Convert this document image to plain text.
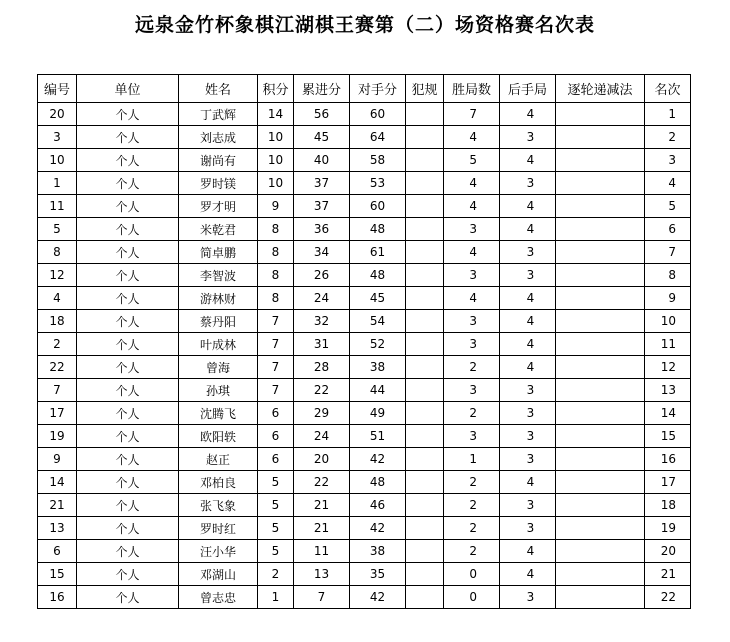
远泉金竹杯象棋江湖棋王赛第（二）场资格赛名次表
编号	单位	姓名	积分	累进分	对手分	犯规	胜局数	后手局	逐轮递减法	名次
20	个人	丁武辉	14	56	60		7	4		1
3	个人	刘志成	10	45	64		4	3		2
10	个人	谢尚有	10	40	58		5	4		3
1	个人	罗时镁	10	37	53		4	3		4
11	个人	罗才明	9	37	60		4	4		5
5	个人	米乾君	8	36	48		3	4		6
8	个人	简卓鹏	8	34	61		4	3		7
12	个人	李智波	8	26	48		3	3		8
4	个人	游林财	8	24	45		4	4		9
18	个人	蔡丹阳	7	32	54		3	4		10
2	个人	叶成林	7	31	52		3	4		11
22	个人	曾海	7	28	38		2	4		12
7	个人	孙琪	7	22	44		3	3		13
17	个人	沈腾飞	6	29	49		2	3		14
19	个人	欧阳轶	6	24	51		3	3		15
9	个人	赵正	6	20	42		1	3		16
14	个人	邓柏良	5	22	48		2	4		17
21	个人	张飞象	5	21	46		2	3		18
13	个人	罗时红	5	21	42		2	3		19
6	个人	汪小华	5	11	38		2	4		20
15	个人	邓湖山	2	13	35		0	4		21
16	个人	曾志忠	1	7	42		0	3		22
